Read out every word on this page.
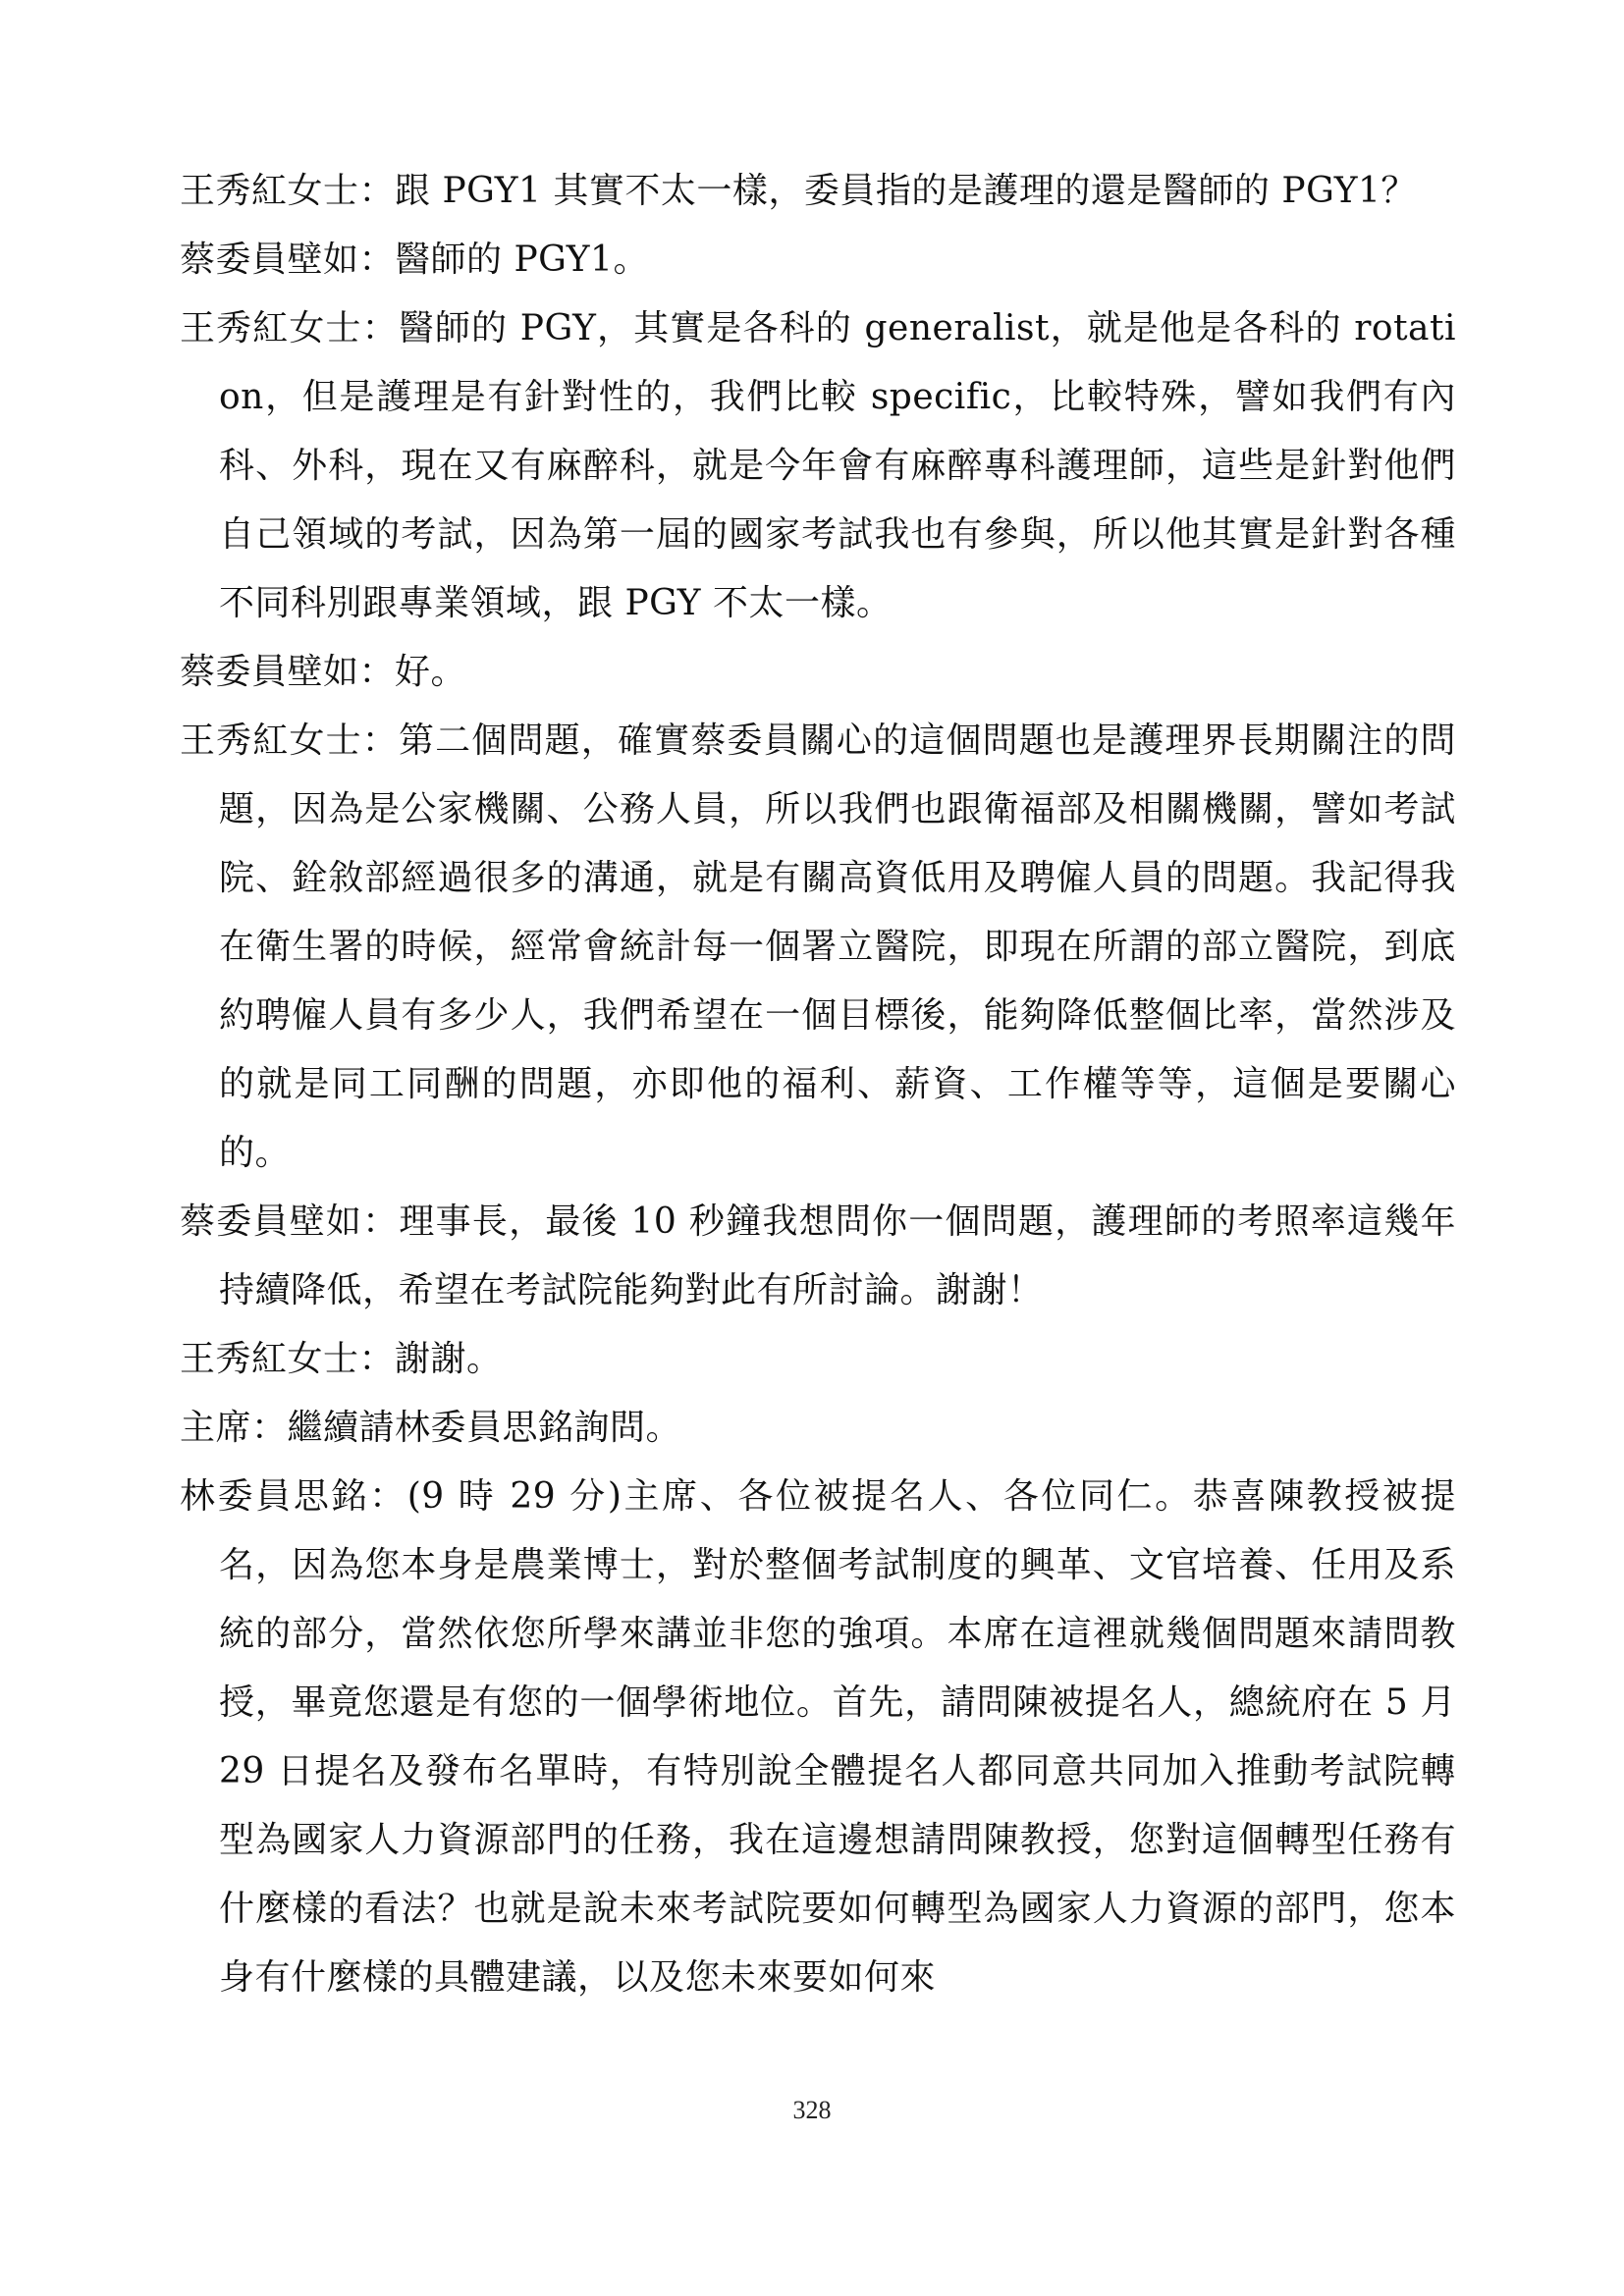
王秀紅女士：跟 PGY1 其實不太一樣，委員指的是護理的還是醫師的 PGY1？

蔡委員壁如：醫師的 PGY1。

王秀紅女士：醫師的 PGY，其實是各科的 generalist，就是他是各科的 rotation，但是護理是有針對性的，我們比較 specific，比較特殊，譬如我們有內科、外科，現在又有麻醉科，就是今年會有麻醉專科護理師，這些是針對他們自己領域的考試，因為第一屆的國家考試我也有參與，所以他其實是針對各種不同科別跟專業領域，跟 PGY 不太一樣。

蔡委員壁如：好。

王秀紅女士：第二個問題，確實蔡委員關心的這個問題也是護理界長期關注的問題，因為是公家機關、公務人員，所以我們也跟衛福部及相關機關，譬如考試院、銓敘部經過很多的溝通，就是有關高資低用及聘僱人員的問題。我記得我在衛生署的時候，經常會統計每一個署立醫院，即現在所謂的部立醫院，到底約聘僱人員有多少人，我們希望在一個目標後，能夠降低整個比率，當然涉及的就是同工同酬的問題，亦即他的福利、薪資、工作權等等，這個是要關心的。

蔡委員壁如：理事長，最後 10 秒鐘我想問你一個問題，護理師的考照率這幾年持續降低，希望在考試院能夠對此有所討論。謝謝！

王秀紅女士：謝謝。

主席：繼續請林委員思銘詢問。

林委員思銘：(9 時 29 分)主席、各位被提名人、各位同仁。恭喜陳教授被提名，因為您本身是農業博士，對於整個考試制度的興革、文官培養、任用及系統的部分，當然依您所學來講並非您的強項。本席在這裡就幾個問題來請問教授，畢竟您還是有您的一個學術地位。首先，請問陳被提名人，總統府在 5 月 29 日提名及發布名單時，有特別說全體提名人都同意共同加入推動考試院轉型為國家人力資源部門的任務，我在這邊想請問陳教授，您對這個轉型任務有什麼樣的看法？也就是說未來考試院要如何轉型為國家人力資源的部門，您本身有什麼樣的具體建議，以及您未來要如何來

328
